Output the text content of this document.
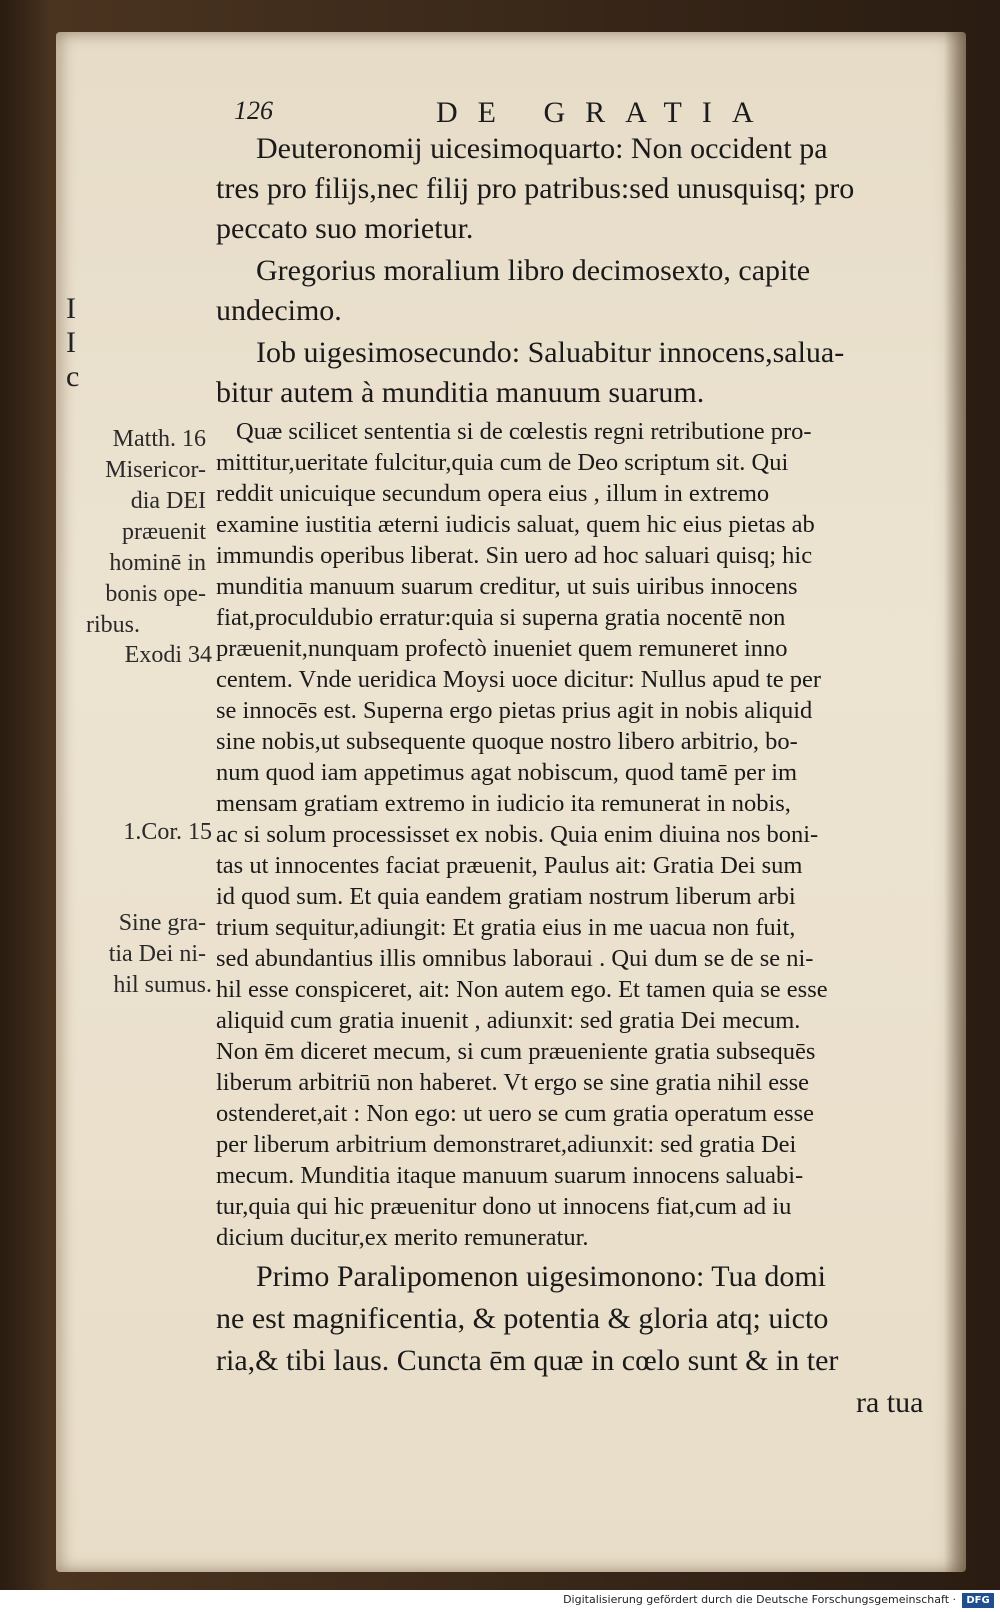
I
I
c
126	DE GRATIA
Matth. 16
Misericor-
dia DEI
præuenit
hominē in
bonis ope-
ribus.
Exodi 34
1.Cor. 15
Sine gra-
tia Dei ni-
hil sumus.
Deuteronomij uicesimoquarto: Non occident pa
tres pro filijs,nec filij pro patribus:sed unusquisq; pro
peccato suo morietur.
Gregorius moralium libro decimosexto, capite
undecimo.
Iob uigesimosecundo: Saluabitur innocens,salua-
bitur autem à munditia manuum suarum.
Quæ scilicet sententia si de cœlestis regni retributione pro-
mittitur,ueritate fulcitur,quia cum de Deo scriptum sit. Qui
reddit unicuique secundum opera eius , illum in extremo
examine iustitia æterni iudicis saluat, quem hic eius pietas ab
immundis operibus liberat. Sin uero ad hoc saluari quisq; hic
munditia manuum suarum creditur, ut suis uiribus innocens
fiat,proculdubio erratur:quia si superna gratia nocentē non
præuenit,nunquam profectò inueniet quem remuneret inno
centem. Vnde ueridica Moysi uoce dicitur: Nullus apud te per
se innocēs est. Superna ergo pietas prius agit in nobis aliquid
sine nobis,ut subsequente quoque nostro libero arbitrio, bo-
num quod iam appetimus agat nobiscum, quod tamē per im
mensam gratiam extremo in iudicio ita remunerat in nobis,
ac si solum processisset ex nobis. Quia enim diuina nos boni-
tas ut innocentes faciat præuenit, Paulus ait: Gratia Dei sum
id quod sum. Et quia eandem gratiam nostrum liberum arbi
trium sequitur,adiungit: Et gratia eius in me uacua non fuit,
sed abundantius illis omnibus laboraui . Qui dum se de se ni-
hil esse conspiceret, ait: Non autem ego. Et tamen quia se esse
aliquid cum gratia inuenit , adiunxit: sed gratia Dei mecum.
Non ēm diceret mecum, si cum præueniente gratia subsequēs
liberum arbitriū non haberet. Vt ergo se sine gratia nihil esse
ostenderet,ait : Non ego: ut uero se cum gratia operatum esse
per liberum arbitrium demonstraret,adiunxit: sed gratia Dei
mecum. Munditia itaque manuum suarum innocens saluabi-
tur,quia qui hic præuenitur dono ut innocens fiat,cum ad iu
dicium ducitur,ex merito remuneratur.
Primo Paralipomenon uigesimonono: Tua domi
ne est magnificentia, & potentia & gloria atq; uicto
ria,& tibi laus. Cuncta ēm quæ in cœlo sunt & in ter
ra tua
Digitalisierung gefördert durch die Deutsche Forschungsgemeinschaft ·	DFG
